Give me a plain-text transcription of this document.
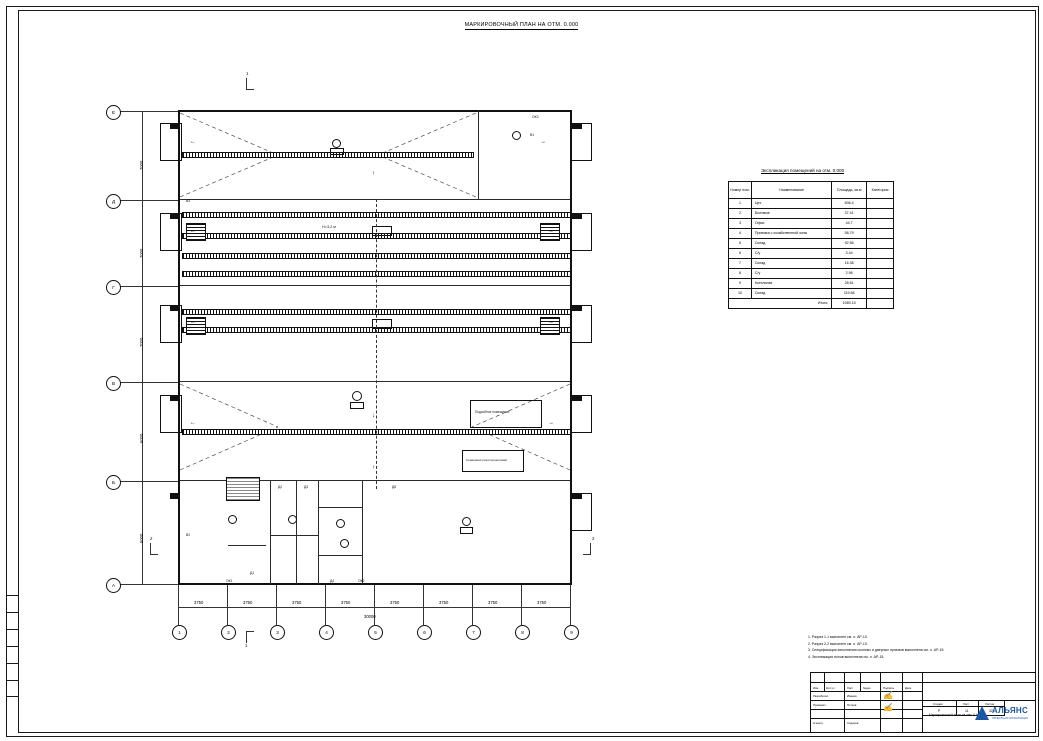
МАРКИРОВОЧНЫЙ ПЛАН НА ОТМ. 0.000
Подсобное помещение
Серверная (электрощитовая)
↑
↓
↑
←	→
←	→
←	→
←	→
Н=3,2 м
ОК3
В1
Д1
Д2	Д3
Д4
Д5
ОК1	ОК2
В2
В3
Е
Д
Г
В
Б
А
7000
7000
7000
6000
6000
1	2	3	4	5	6	7	8	9
3750	3750	3750	3750	3750	3750	3750	3750
30000
1
1
2	2
Экспликация помещений на отм. 0.000
Номер пом.	Наименование	Площадь, кв.м	Категория
1	Цех	506.4	
2	Бытовые	37.41	
3	Офис	44.7	
4	Приемка с хозяйственной зоны	58.79	
5	Склад	92.56	
6	С/у	3.44	
7	Склад	16.38	
8	С/у	2.96	
9	Котельная	28.61	
10	Склад	119.58	
Итого:		1089.15	
1. Разрез 1-1 выполнен см. л. АР-10.
2. Разрез 2-2 выполнен см. л. АР-10.
3. Спецификация заполнения оконных и дверных проемов выполнена см. л. АР-15.
4. Экспликация полов выполнена см. л. АР-15.
Изм.	Кол.уч.	Лист	№док.	Подпись	Дата
Маркировочный план на отм. 0.000
Стадия	Лист	Листов
Р	11	32
Разработал	Иванов
Проверил	Петров
Н.контр.	Сидоров
✍
✍	АЛЬЯНС
ПРОЕКТНАЯ ОРГАНИЗАЦИЯ
